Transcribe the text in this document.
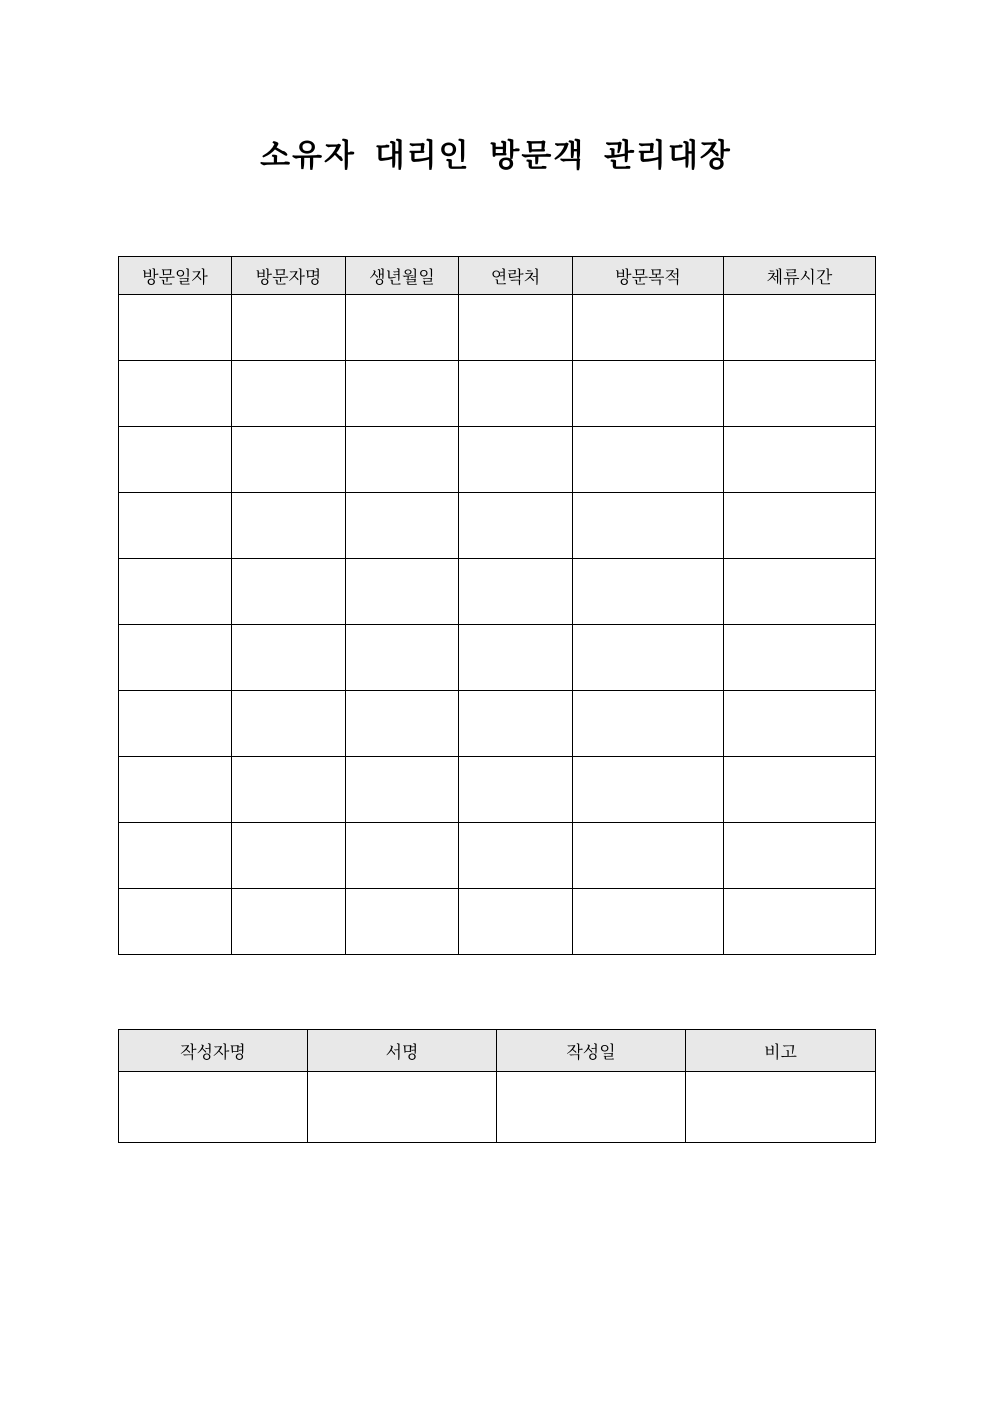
소유자 대리인 방문객 관리대장
방문일자	방문자명	생년월일	연락처	방문목적	체류시간

작성자명	서명	작성일	비고
